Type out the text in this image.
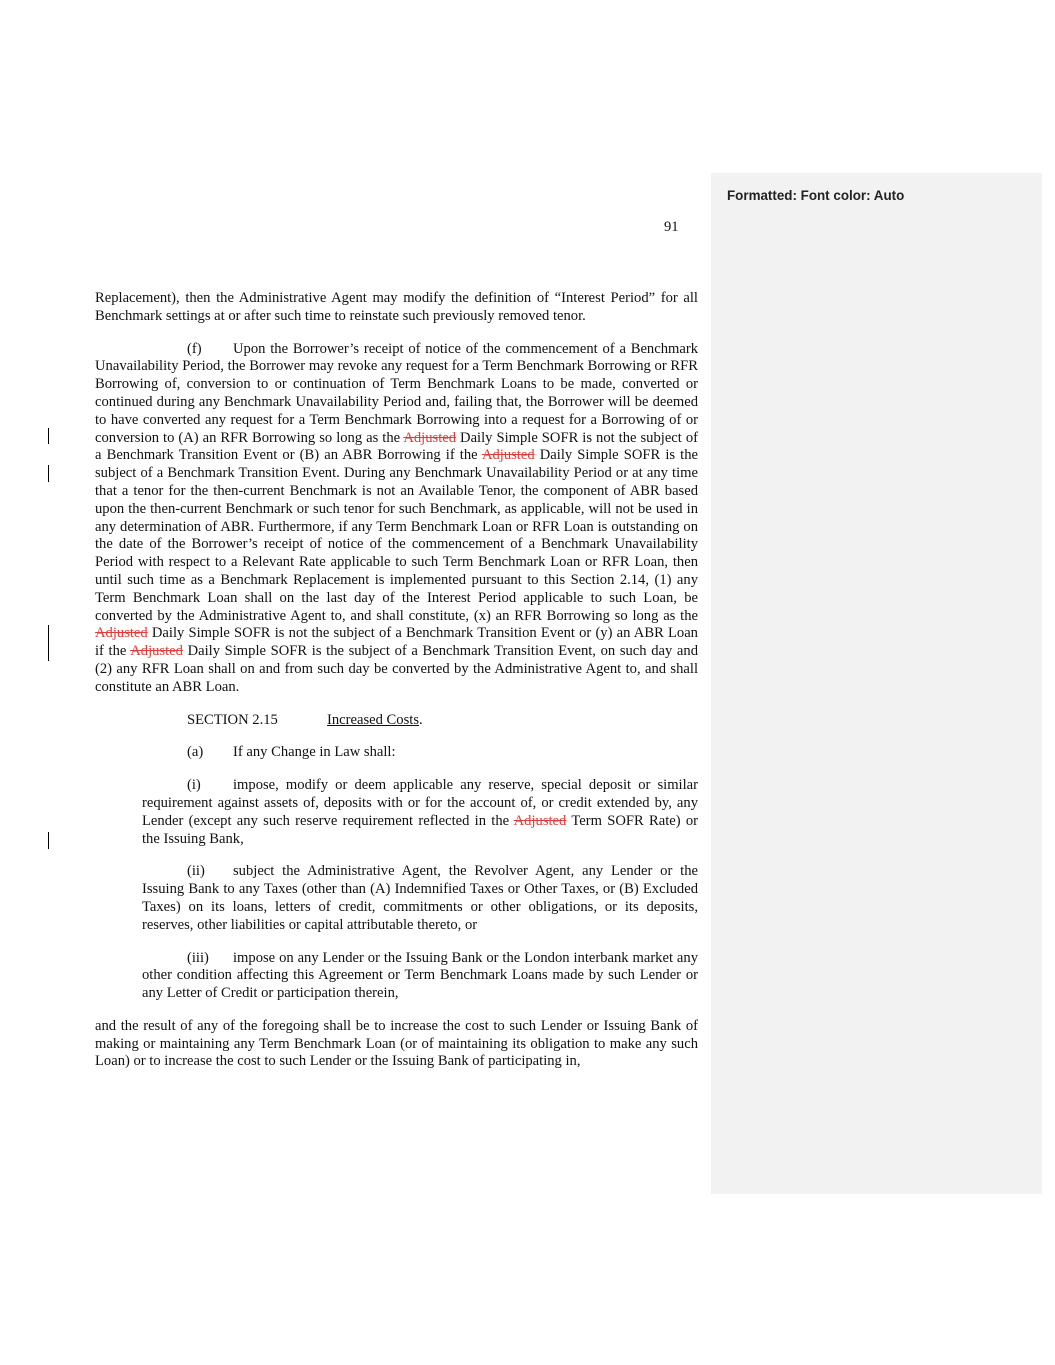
Formatted: Font color: Auto
91

Replacement), then the Administrative Agent may modify the definition of “Interest Period” for all Benchmark settings at or after such time to reinstate such previously removed tenor.

(f) Upon the Borrower’s receipt of notice of the commencement of a Benchmark Unavailability Period, the Borrower may revoke any request for a Term Benchmark Borrowing or RFR Borrowing of, conversion to or continuation of Term Benchmark Loans to be made, converted or continued during any Benchmark Unavailability Period and, failing that, the Borrower will be deemed to have converted any request for a Term Benchmark Borrowing into a request for a Borrowing of or conversion to (A) an RFR Borrowing so long as the Adjusted Daily Simple SOFR is not the subject of a Benchmark Transition Event or (B) an ABR Borrowing if the Adjusted Daily Simple SOFR is the subject of a Benchmark Transition Event. During any Benchmark Unavailability Period or at any time that a tenor for the then-current Benchmark is not an Available Tenor, the component of ABR based upon the then-current Benchmark or such tenor for such Benchmark, as applicable, will not be used in any determination of ABR. Furthermore, if any Term Benchmark Loan or RFR Loan is outstanding on the date of the Borrower’s receipt of notice of the commencement of a Benchmark Unavailability Period with respect to a Relevant Rate applicable to such Term Benchmark Loan or RFR Loan, then until such time as a Benchmark Replacement is implemented pursuant to this Section 2.14, (1) any Term Benchmark Loan shall on the last day of the Interest Period applicable to such Loan, be converted by the Administrative Agent to, and shall constitute, (x) an RFR Borrowing so long as the Adjusted Daily Simple SOFR is not the subject of a Benchmark Transition Event or (y) an ABR Loan if the Adjusted Daily Simple SOFR is the subject of a Benchmark Transition Event, on such day and (2) any RFR Loan shall on and from such day be converted by the Administrative Agent to, and shall constitute an ABR Loan.

SECTION 2.15	Increased Costs.

(a) If any Change in Law shall:

(i) impose, modify or deem applicable any reserve, special deposit or similar requirement against assets of, deposits with or for the account of, or credit extended by, any Lender (except any such reserve requirement reflected in the Adjusted Term SOFR Rate) or the Issuing Bank,

(ii) subject the Administrative Agent, the Revolver Agent, any Lender or the Issuing Bank to any Taxes (other than (A) Indemnified Taxes or Other Taxes, or (B) Excluded Taxes) on its loans, letters of credit, commitments or other obligations, or its deposits, reserves, other liabilities or capital attributable thereto, or

(iii) impose on any Lender or the Issuing Bank or the London interbank market any other condition affecting this Agreement or Term Benchmark Loans made by such Lender or any Letter of Credit or participation therein,

and the result of any of the foregoing shall be to increase the cost to such Lender or Issuing Bank of making or maintaining any Term Benchmark Loan (or of maintaining its obligation to make any such Loan) or to increase the cost to such Lender or the Issuing Bank of participating in,
